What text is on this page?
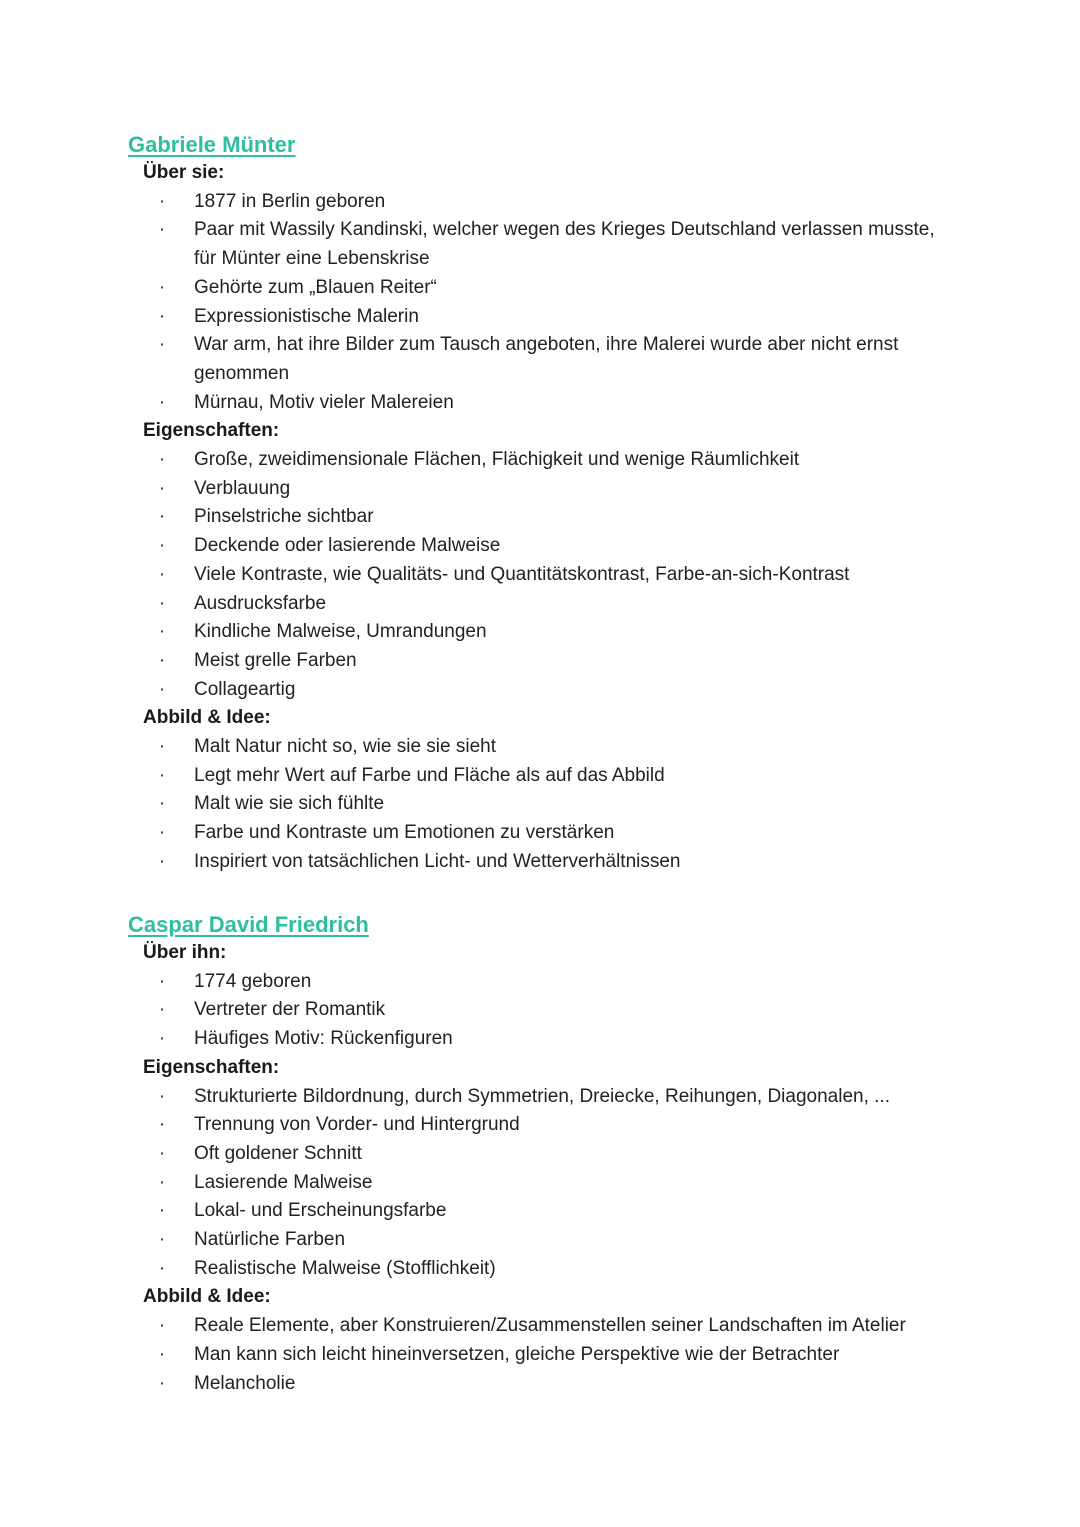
Gabriele Münter
Über sie:
· 1877 in Berlin geboren
· Paar mit Wassily Kandinski, welcher wegen des Krieges Deutschland verlassen musste, für Münter eine Lebenskrise
· Gehörte zum „Blauen Reiter“
· Expressionistische Malerin
· War arm, hat ihre Bilder zum Tausch angeboten, ihre Malerei wurde aber nicht ernst genommen
· Mürnau, Motiv vieler Malereien
Eigenschaften:
· Große, zweidimensionale Flächen, Flächigkeit und wenige Räumlichkeit
· Verblauung
· Pinselstriche sichtbar
· Deckende oder lasierende Malweise
· Viele Kontraste, wie Qualitäts- und Quantitätskontrast, Farbe-an-sich-Kontrast
· Ausdrucksfarbe
· Kindliche Malweise, Umrandungen
· Meist grelle Farben
· Collageartig
Abbild & Idee:
· Malt Natur nicht so, wie sie sie sieht
· Legt mehr Wert auf Farbe und Fläche als auf das Abbild
· Malt wie sie sich fühlte
· Farbe und Kontraste um Emotionen zu verstärken
· Inspiriert von tatsächlichen Licht- und Wetterverhältnissen
Caspar David Friedrich
Über ihn:
· 1774 geboren
· Vertreter der Romantik
· Häufiges Motiv: Rückenfiguren
Eigenschaften:
· Strukturierte Bildordnung, durch Symmetrien, Dreiecke, Reihungen, Diagonalen, ...
· Trennung von Vorder- und Hintergrund
· Oft goldener Schnitt
· Lasierende Malweise
· Lokal- und Erscheinungsfarbe
· Natürliche Farben
· Realistische Malweise (Stofflichkeit)
Abbild & Idee:
· Reale Elemente, aber Konstruieren/Zusammenstellen seiner Landschaften im Atelier
· Man kann sich leicht hineinversetzen, gleiche Perspektive wie der Betrachter
· Melancholie
